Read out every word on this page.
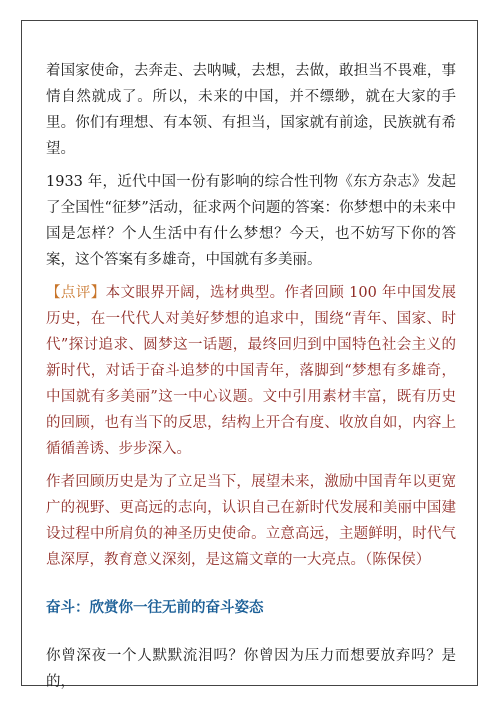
着国家使命，去奔走、去呐喊，去想，去做，敢担当不畏难，事情自然就成了。所以，未来的中国，并不缥缈，就在大家的手里。你们有理想、有本领、有担当，国家就有前途，民族就有希望。

1933 年，近代中国一份有影响的综合性刊物《东方杂志》发起了全国性“征梦”活动，征求两个问题的答案：你梦想中的未来中国是怎样？个人生活中有什么梦想？今天，也不妨写下你的答案，这个答案有多雄奇，中国就有多美丽。

【点评】本文眼界开阔，选材典型。作者回顾 100 年中国发展历史，在一代代人对美好梦想的追求中，围绕“青年、国家、时代”探讨追求、圆梦这一话题，最终回归到中国特色社会主义的新时代，对话于奋斗追梦的中国青年，落脚到“梦想有多雄奇，中国就有多美丽”这一中心议题。文中引用素材丰富，既有历史的回顾，也有当下的反思，结构上开合有度、收放自如，内容上循循善诱、步步深入。

作者回顾历史是为了立足当下，展望未来，激励中国青年以更宽广的视野、更高远的志向，认识自己在新时代发展和美丽中国建设过程中所肩负的神圣历史使命。立意高远，主题鲜明，时代气息深厚，教育意义深刻，是这篇文章的一大亮点。（陈保侯）

奋斗：欣赏你一往无前的奋斗姿态

你曾深夜一个人默默流泪吗？你曾因为压力而想要放弃吗？是的，
